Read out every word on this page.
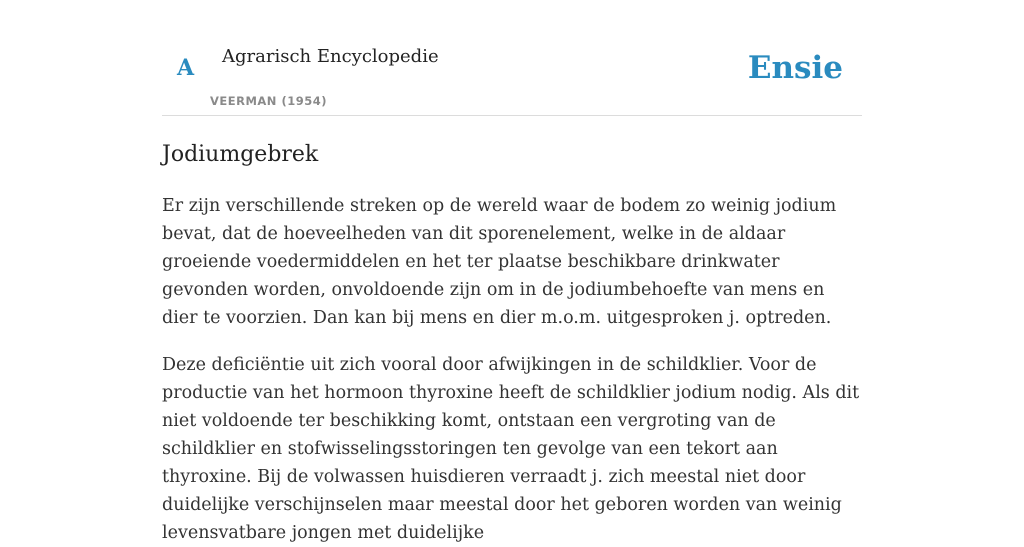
A Agrarisch Encyclopedie
VEERMAN (1954)
Ensie
Jodiumgebrek

Er zijn verschillende streken op de wereld waar de bodem zo weinig jodium bevat, dat de hoeveelheden van dit sporenelement, welke in de aldaar groeiende voedermiddelen en het ter plaatse beschikbare drinkwater gevonden worden, onvoldoende zijn om in de jodiumbehoefte van mens en dier te voorzien. Dan kan bij mens en dier m.o.m. uitgesproken j. optreden.

Deze deficiëntie uit zich vooral door afwijkingen in de schildklier. Voor de productie van het hormoon thyroxine heeft de schildklier jodium nodig. Als dit niet voldoende ter beschikking komt, ontstaan een vergroting van de schildklier en stofwisselingsstoringen ten gevolge van een tekort aan thyroxine. Bij de volwassen huisdieren verraadt j. zich meestal niet door duidelijke verschijnselen maar meestal door het geboren worden van weinig levensvatbare jongen met duidelijke
